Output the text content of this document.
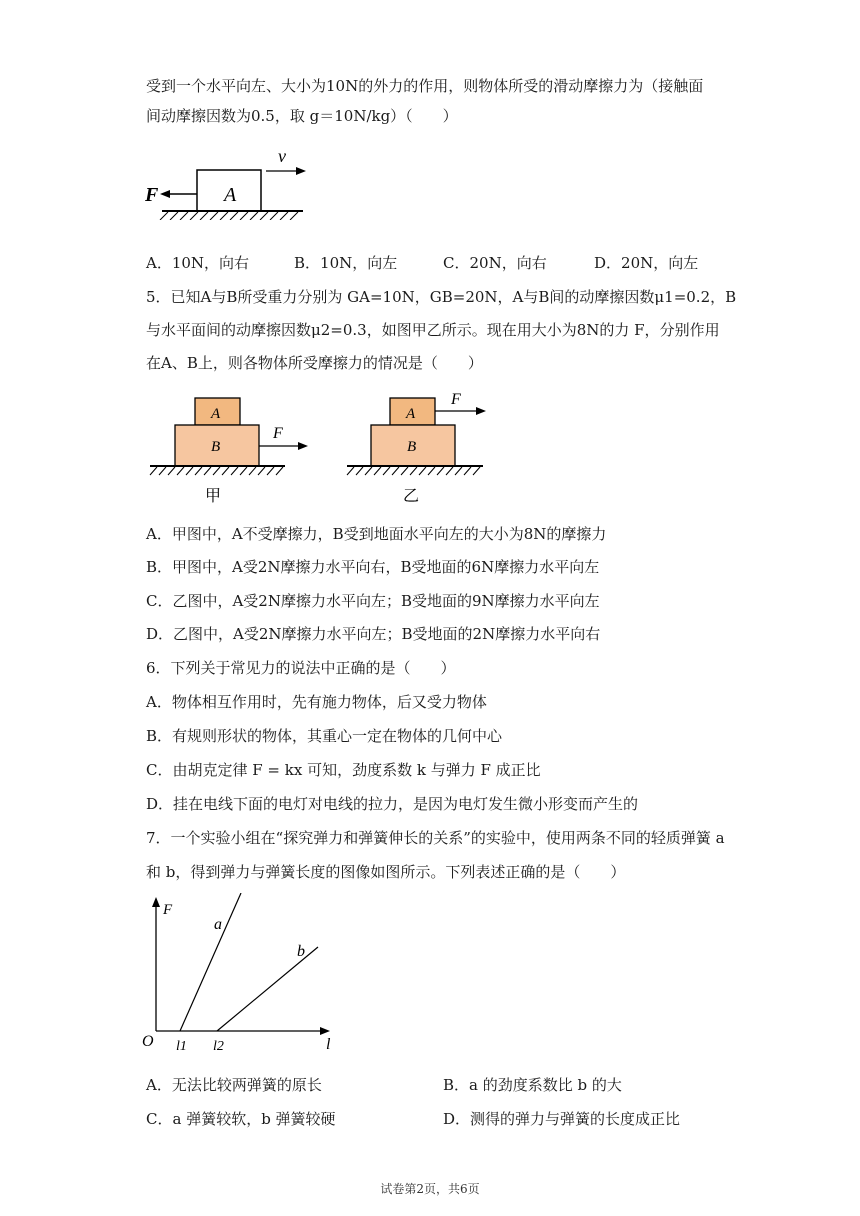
受到一个水平向左、大小为10N的外力的作用，则物体所受的滑动摩擦力为（接触面
间动摩擦因数为0.5，取 g＝10N/kg）（　　）
A
F
v
A．10N，向右	B．10N，向左	C．20N，向右	D．20N，向左
5．已知A与B所受重力分别为 GA=10N，GB=20N，A与B间的动摩擦因数μ1=0.2，B
与水平面间的动摩擦因数μ2=0.3，如图甲乙所示。现在用大小为8N的力 F，分别作用
在A、B上，则各物体所受摩擦力的情况是（　　）
A
B
F
甲
A
B
F
乙
A．甲图中，A不受摩擦力，B受到地面水平向左的大小为8N的摩擦力
B．甲图中，A受2N摩擦力水平向右，B受地面的6N摩擦力水平向左
C．乙图中，A受2N摩擦力水平向左；B受地面的9N摩擦力水平向左
D．乙图中，A受2N摩擦力水平向左；B受地面的2N摩擦力水平向右
6．下列关于常见力的说法中正确的是（　　）
A．物体相互作用时，先有施力物体，后又受力物体
B．有规则形状的物体，其重心一定在物体的几何中心
C．由胡克定律 F = kx 可知，劲度系数 k 与弹力 F 成正比
D．挂在电线下面的电灯对电线的拉力，是因为电灯发生微小形变而产生的
7．一个实验小组在“探究弹力和弹簧伸长的关系”的实验中，使用两条不同的轻质弹簧 a
和 b，得到弹力与弹簧长度的图像如图所示。下列表述正确的是（　　）
F
l
O
a
b
l1 l2
A．无法比较两弹簧的原长	B．a 的劲度系数比 b 的大
C．a 弹簧较软，b 弹簧较硬	D．测得的弹力与弹簧的长度成正比
试卷第2页，共6页
